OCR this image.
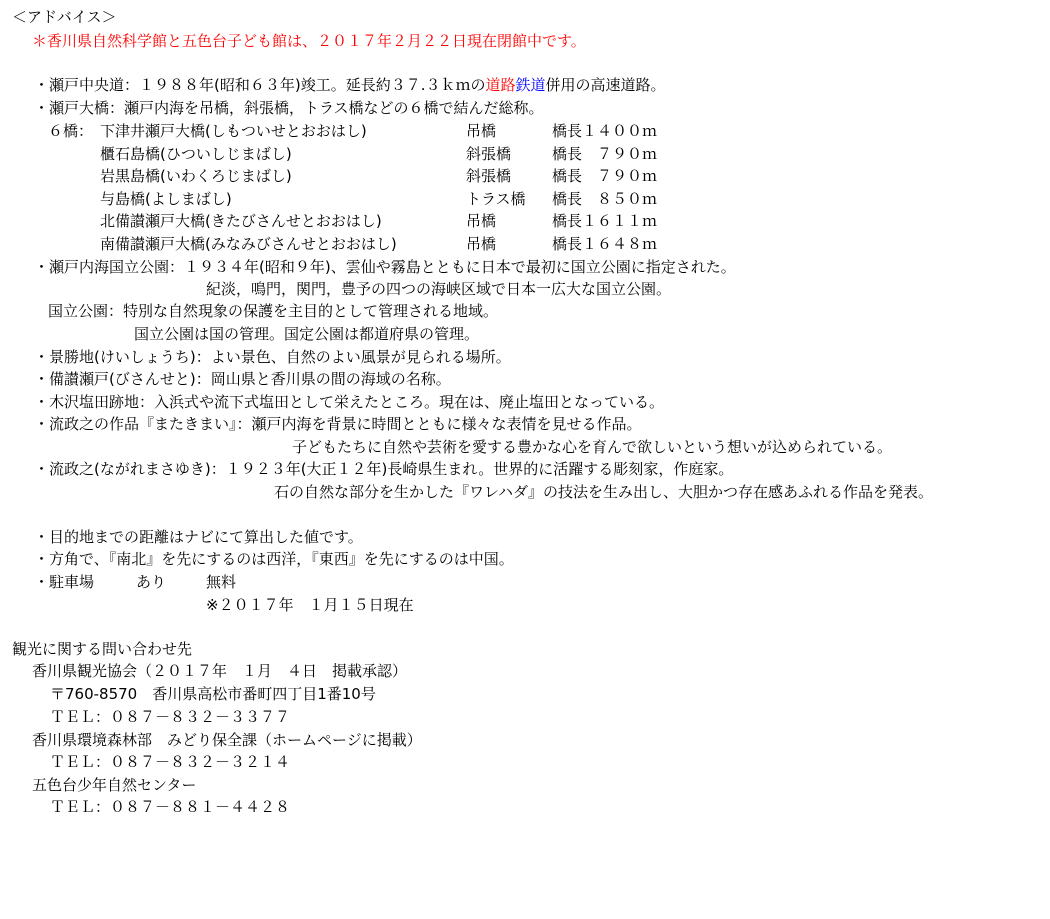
＜アドバイス＞
＊香川県自然科学館と五色台子ども館は、２０１７年２月２２日現在閉館中です。
・瀬戸中央道：１９８８年(昭和６３年)竣工。延長約３７.３ｋｍの道路鉄道併用の高速道路。
・瀬戸大橋：瀬戸内海を吊橋，斜張橋，トラス橋などの６橋で結んだ総称。
６橋： 下津井瀬戸大橋(しもついせとおおはし)	吊橋	橋長１４００ｍ
櫃石島橋(ひついしじまばし)	斜張橋	橋長　７９０ｍ
岩黒島橋(いわくろじまばし)	斜張橋	橋長　７９０ｍ
与島橋(よしまばし)	トラス橋 橋長　８５０ｍ
北備讃瀬戸大橋(きたびさんせとおおはし)	吊橋	橋長１６１１ｍ
南備讃瀬戸大橋(みなみびさんせとおおはし)	吊橋	橋長１６４８ｍ
・瀬戸内海国立公園：１９３４年(昭和９年)、雲仙や霧島とともに日本で最初に国立公園に指定された。
紀淡，鳴門，関門，豊予の四つの海峡区域で日本一広大な国立公園。
国立公園：特別な自然現象の保護を主目的として管理される地域。
国立公園は国の管理。国定公園は都道府県の管理。
・景勝地(けいしょうち)：よい景色、自然のよい風景が見られる場所。
・備讃瀬戸(びさんせと)：岡山県と香川県の間の海域の名称。
・木沢塩田跡地：入浜式や流下式塩田として栄えたところ。現在は、廃止塩田となっている。
・流政之の作品『またきまい』：瀬戸内海を背景に時間とともに様々な表情を見せる作品。
子どもたちに自然や芸術を愛する豊かな心を育んで欲しいという想いが込められている。
・流政之(ながれまさゆき)：１９２３年(大正１２年)長崎県生まれ。世界的に活躍する彫刻家，作庭家。
石の自然な部分を生かした『ワレハダ』の技法を生み出し、大胆かつ存在感あふれる作品を発表。
・目的地までの距離はナビにて算出した値です。
・方角で、『南北』を先にするのは西洋，『東西』を先にするのは中国。
・駐車場	あり	無料
※２０１７年　１月１５日現在
観光に関する問い合わせ先
香川県観光協会（２０１７年　１月　４日　掲載承認）
〒760-8570　香川県高松市番町四丁目1番10号
ＴＥＬ：０８７－８３２－３３７７
香川県環境森林部　みどり保全課（ホームページに掲載）
ＴＥＬ：０８７－８３２－３２１４
五色台少年自然センター
ＴＥＬ：０８７－８８１－４４２８
